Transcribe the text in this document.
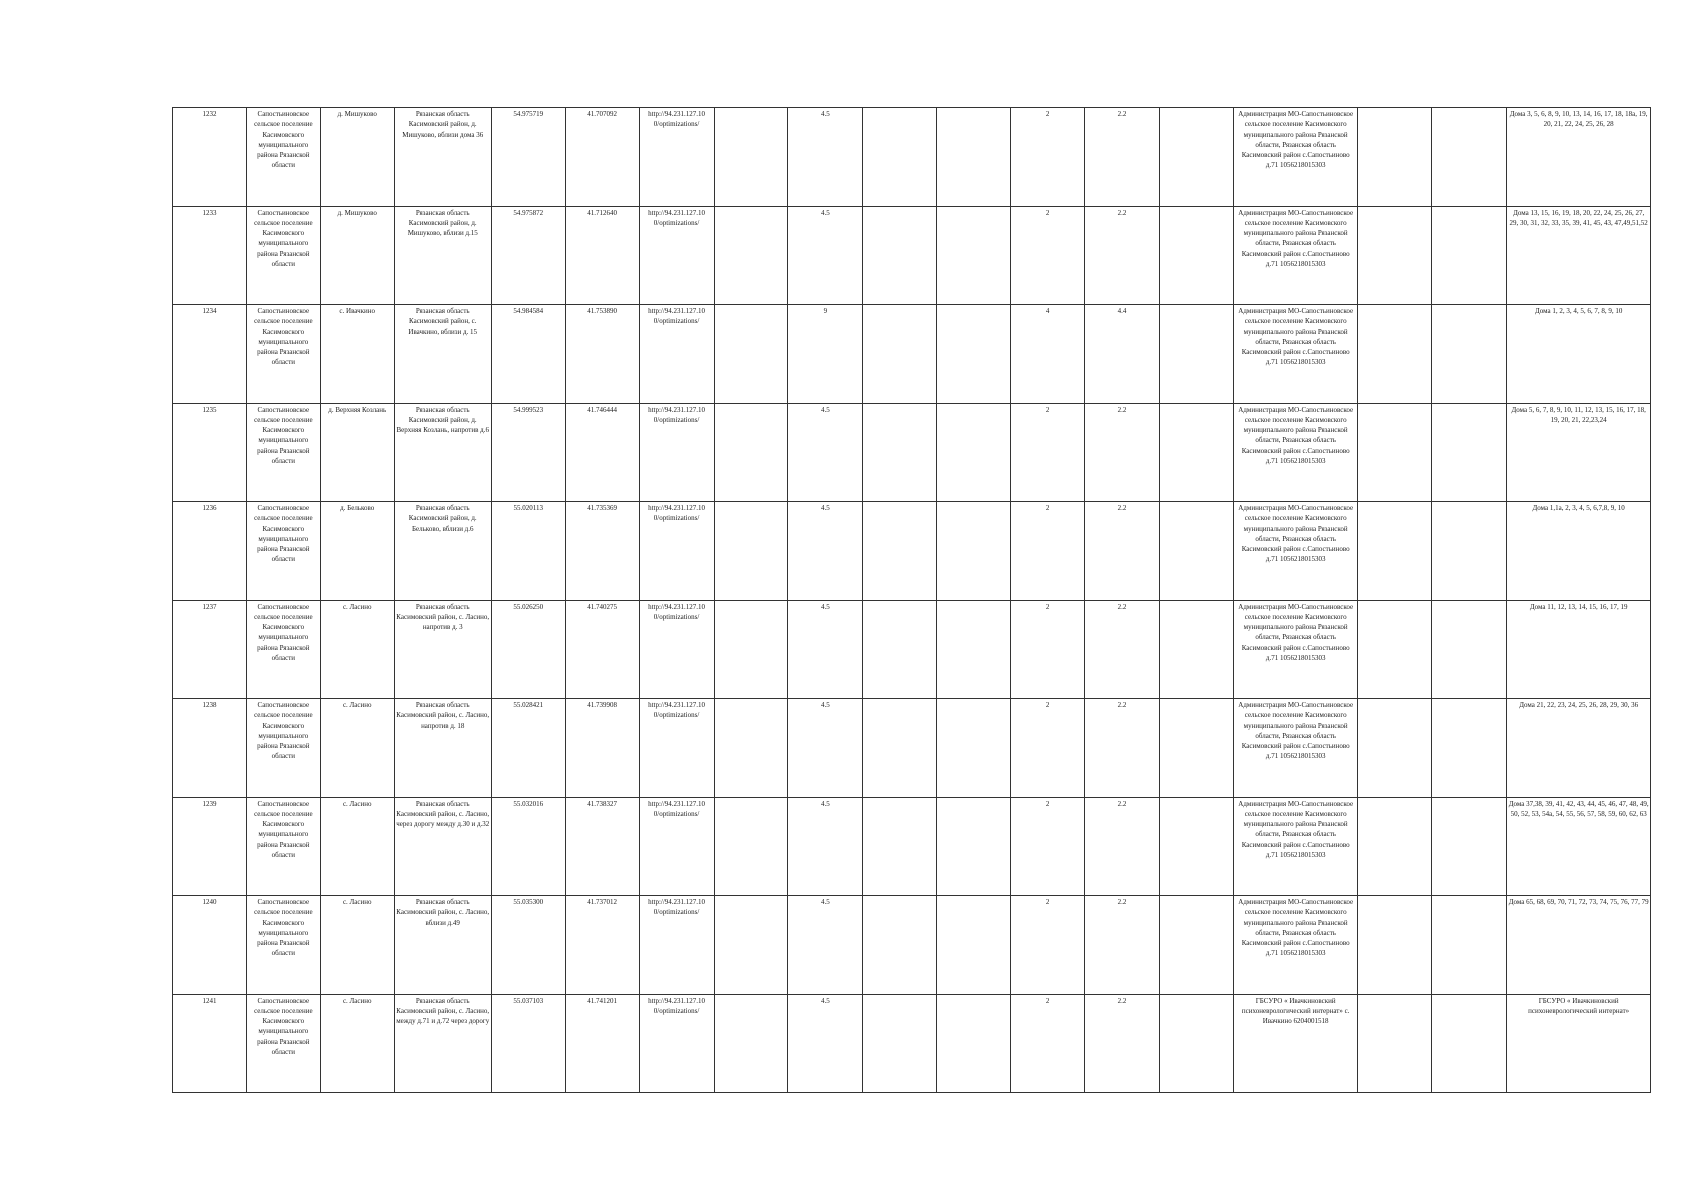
1232	Сапостьиновское сельское поселение Касимовского муниципального района Рязанской области	д. Мишуково	Рязанская область Касимовский район, д. Мишуково, вблизи дома 36	54.975719	41.707092	http://94.231.127.10 0/optimizations/		4.5			2	2.2		Администрация МО-Сапостьиновское сельское поселение Касимовского муниципального района Рязанской области, Рязанская область Касимовский район с.Сапостьиново д.71 1056218015303			Дома 3, 5, 6, 8, 9, 10, 13, 14, 16, 17, 18, 18а, 19, 20, 21, 22, 24, 25, 26, 28
1233	Сапостьиновское сельское поселение Касимовского муниципального района Рязанской области	д. Мишуково	Рязанская область Касимовский район, д. Мишуково, вблизи д.15	54.975872	41.712640	http://94.231.127.10 0/optimizations/		4.5			2	2.2		Администрация МО-Сапостьиновское сельское поселение Касимовского муниципального района Рязанской области, Рязанская область Касимовский район с.Сапостьиново д.71 1056218015303			Дома 13, 15, 16, 19, 18, 20, 22, 24, 25, 26, 27, 29, 30, 31, 32, 33, 35, 39, 41, 45, 43, 47,49,51,52
1234	Сапостьиновское сельское поселение Касимовского муниципального района Рязанской области	с. Ивачкино	Рязанская область Касимовский район, с. Ивачкино, вблизи д. 15	54.984584	41.753890	http://94.231.127.10 0/optimizations/		9			4	4.4		Администрация МО-Сапостьиновское сельское поселение Касимовского муниципального района Рязанской области, Рязанская область Касимовский район с.Сапостьиново д.71 1056218015303			Дома 1, 2, 3, 4, 5, 6, 7, 8, 9, 10
1235	Сапостьиновское сельское поселение Касимовского муниципального района Рязанской области	д. Верхняя Козлань	Рязанская область Касимовский район, д. Верхняя Козлань, напротив д.6	54.999523	41.746444	http://94.231.127.10 0/optimizations/		4.5			2	2.2		Администрация МО-Сапостьиновское сельское поселение Касимовского муниципального района Рязанской области, Рязанская область Касимовский район с.Сапостьиново д.71 1056218015303			Дома 5, 6, 7, 8, 9, 10, 11, 12, 13, 15, 16, 17, 18, 19, 20, 21, 22,23,24
1236	Сапостьиновское сельское поселение Касимовского муниципального района Рязанской области	д. Бельково	Рязанская область Касимовский район, д. Бельково, вблизи д.6	55.020113	41.735369	http://94.231.127.10 0/optimizations/		4.5			2	2.2		Администрация МО-Сапостьиновское сельское поселение Касимовского муниципального района Рязанской области, Рязанская область Касимовский район с.Сапостьиново д.71 1056218015303			Дома 1,1а, 2, 3, 4, 5, 6,7,8, 9, 10
1237	Сапостьиновское сельское поселение Касимовского муниципального района Рязанской области	с. Ласино	Рязанская область Касимовский район, с. Ласино, напротив д. 3	55.026250	41.740275	http://94.231.127.10 0/optimizations/		4.5			2	2.2		Администрация МО-Сапостьиновское сельское поселение Касимовского муниципального района Рязанской области, Рязанская область Касимовский район с.Сапостьиново д.71 1056218015303			Дома 11, 12, 13, 14, 15, 16, 17, 19
1238	Сапостьиновское сельское поселение Касимовского муниципального района Рязанской области	с. Ласино	Рязанская область Касимовский район, с. Ласино, напротив д. 18	55.028421	41.739908	http://94.231.127.10 0/optimizations/		4.5			2	2.2		Администрация МО-Сапостьиновское сельское поселение Касимовского муниципального района Рязанской области, Рязанская область Касимовский район с.Сапостьиново д.71 1056218015303			Дома 21, 22, 23, 24, 25, 26, 28, 29, 30, 36
1239	Сапостьиновское сельское поселение Касимовского муниципального района Рязанской области	с. Ласино	Рязанская область Касимовский район, с. Ласино, через дорогу между д.30 и д.32	55.032016	41.738327	http://94.231.127.10 0/optimizations/		4.5			2	2.2		Администрация МО-Сапостьиновское сельское поселение Касимовского муниципального района Рязанской области, Рязанская область Касимовский район с.Сапостьиново д.71 1056218015303			Дома 37,38, 39, 41, 42, 43, 44, 45, 46, 47, 48, 49, 50, 52, 53, 54а, 54, 55, 56, 57, 58, 59, 60, 62, 63
1240	Сапостьиновское сельское поселение Касимовского муниципального района Рязанской области	с. Ласино	Рязанская область Касимовский район, с. Ласино, вблизи д.49	55.035300	41.737012	http://94.231.127.10 0/optimizations/		4.5			2	2.2		Администрация МО-Сапостьиновское сельское поселение Касимовского муниципального района Рязанской области, Рязанская область Касимовский район с.Сапостьиново д.71 1056218015303			Дома 65, 68, 69, 70, 71, 72, 73, 74, 75, 76, 77, 79
1241	Сапостьиновское сельское поселение Касимовского муниципального района Рязанской области	с. Ласино	Рязанская область Касимовский район, с. Ласино, между д.71 и д.72 через дорогу	55.037103	41.741201	http://94.231.127.10 0/optimizations/		4.5			2	2.2		ГБСУРО « Ивачкиновский психоневрологический интернат» с. Ивачкино 6204001518			ГБСУРО « Ивачкиновский психоневрологический интернат»
